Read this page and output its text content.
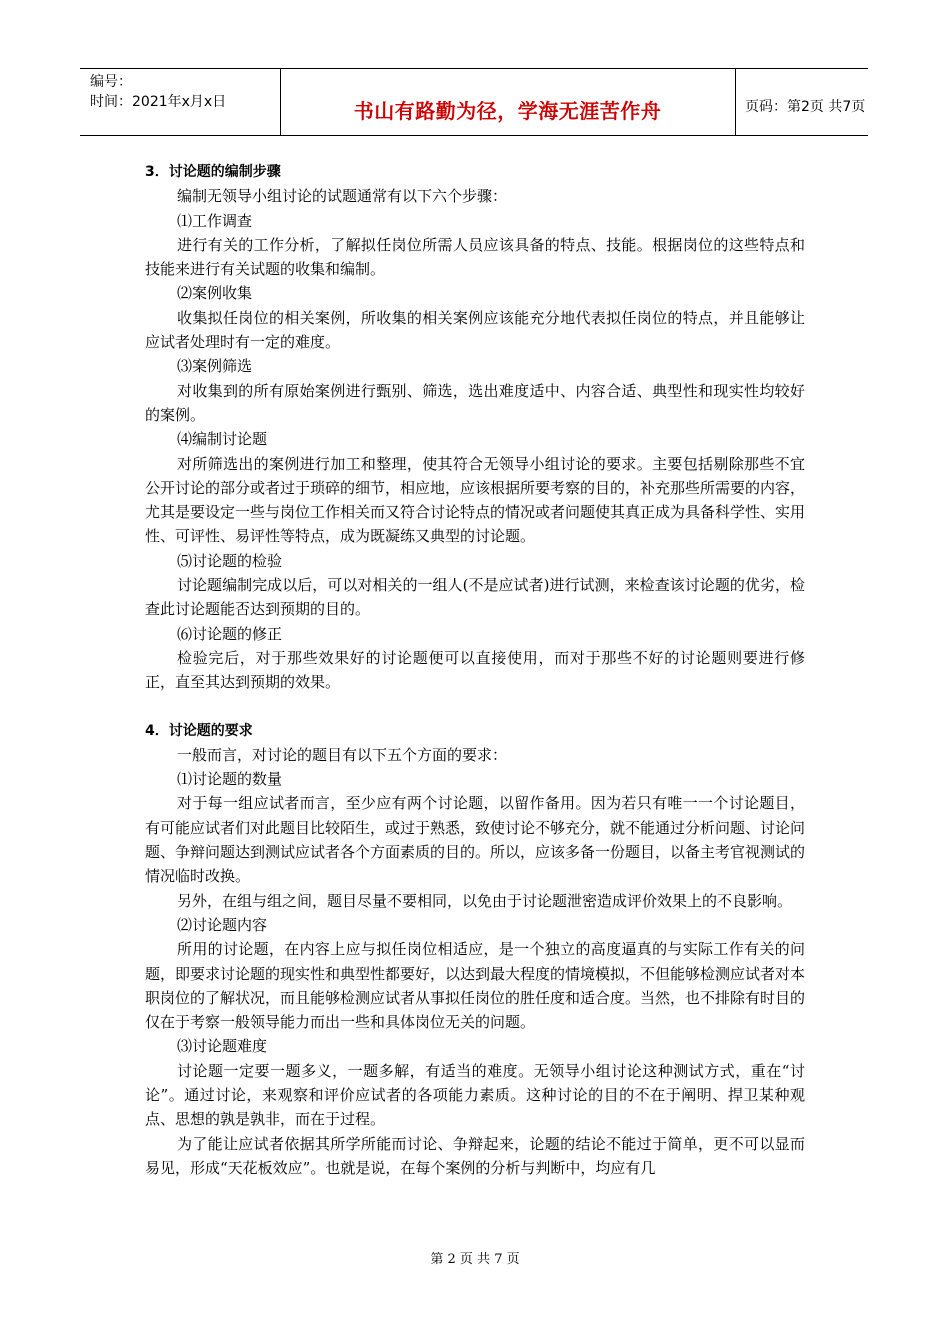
编号：
时间：2021年x月x日	书山有路勤为径，学海无涯苦作舟	页码：第2页 共7页

3．讨论题的编制步骤

编制无领导小组讨论的试题通常有以下六个步骤：

⑴工作调查

进行有关的工作分析，了解拟任岗位所需人员应该具备的特点、技能。根据岗位的这些特点和技能来进行有关试题的收集和编制。

⑵案例收集

收集拟任岗位的相关案例，所收集的相关案例应该能充分地代表拟任岗位的特点，并且能够让应试者处理时有一定的难度。

⑶案例筛选

对收集到的所有原始案例进行甄别、筛选，选出难度适中、内容合适、典型性和现实性均较好的案例。

⑷编制讨论题

对所筛选出的案例进行加工和整理，使其符合无领导小组讨论的要求。主要包括剔除那些不宜公开讨论的部分或者过于琐碎的细节，相应地，应该根据所要考察的目的，补充那些所需要的内容，尤其是要设定一些与岗位工作相关而又符合讨论特点的情况或者问题使其真正成为具备科学性、实用性、可评性、易评性等特点，成为既凝练又典型的讨论题。

⑸讨论题的检验

讨论题编制完成以后，可以对相关的一组人(不是应试者)进行试测，来检查该讨论题的优劣，检查此讨论题能否达到预期的目的。

⑹讨论题的修正

检验完后，对于那些效果好的讨论题便可以直接使用，而对于那些不好的讨论题则要进行修正，直至其达到预期的效果。

4．讨论题的要求

一般而言，对讨论的题目有以下五个方面的要求：

⑴讨论题的数量

对于每一组应试者而言，至少应有两个讨论题，以留作备用。因为若只有唯一一个讨论题目，有可能应试者们对此题目比较陌生，或过于熟悉，致使讨论不够充分，就不能通过分析问题、讨论问题、争辩问题达到测试应试者各个方面素质的目的。所以，应该多备一份题目，以备主考官视测试的情况临时改换。

另外，在组与组之间，题目尽量不要相同，以免由于讨论题泄密造成评价效果上的不良影响。

⑵讨论题内容

所用的讨论题，在内容上应与拟任岗位相适应，是一个独立的高度逼真的与实际工作有关的问题，即要求讨论题的现实性和典型性都要好，以达到最大程度的情境模拟，不但能够检测应试者对本职岗位的了解状况，而且能够检测应试者从事拟任岗位的胜任度和适合度。当然，也不排除有时目的仅在于考察一般领导能力而出一些和具体岗位无关的问题。

⑶讨论题难度

讨论题一定要一题多义，一题多解，有适当的难度。无领导小组讨论这种测试方式，重在“讨论”。通过讨论，来观察和评价应试者的各项能力素质。这种讨论的目的不在于阐明、捍卫某种观点、思想的孰是孰非，而在于过程。

为了能让应试者依据其所学所能而讨论、争辩起来，论题的结论不能过于简单，更不可以显而易见，形成“天花板效应”。也就是说，在每个案例的分析与判断中，均应有几

第 2 页 共 7 页
